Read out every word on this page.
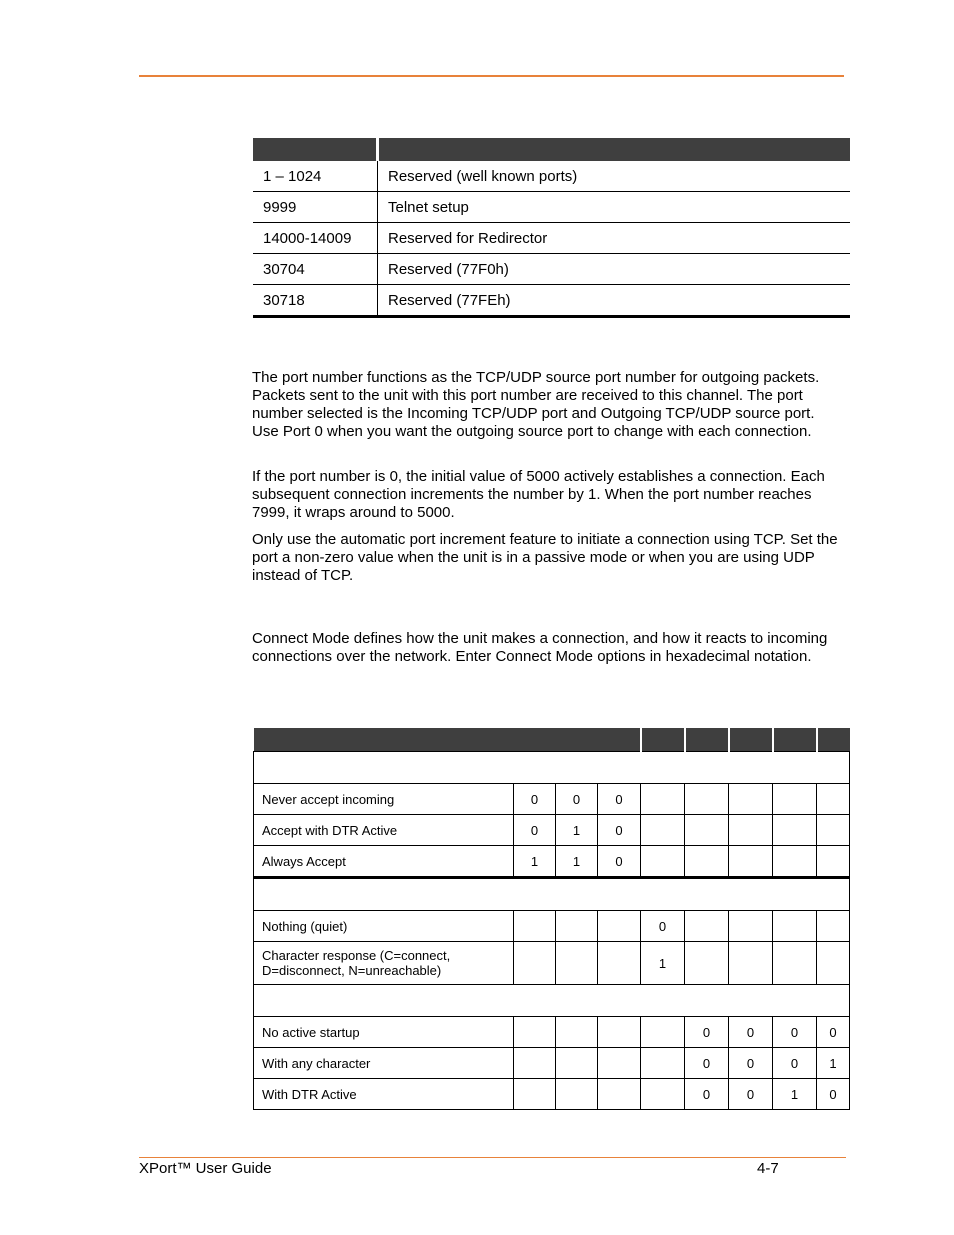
1 – 1024	Reserved (well known ports)
9999	Telnet setup
14000-14009	Reserved for Redirector
30704	Reserved (77F0h)
30718	Reserved (77FEh)

The port number functions as the TCP/UDP source port number for outgoing packets. Packets sent to the unit with this port number are received to this channel. The port number selected is the Incoming TCP/UDP port and Outgoing TCP/UDP source port. Use Port 0 when you want the outgoing source port to change with each connection.

If the port number is 0, the initial value of 5000 actively establishes a connection. Each subsequent connection increments the number by 1. When the port number reaches 7999, it wraps around to 5000.

Only use the automatic port increment feature to initiate a connection using TCP. Set the port a non-zero value when the unit is in a passive mode or when you are using UDP instead of TCP.

Connect Mode defines how the unit makes a connection, and how it reacts to incoming connections over the network. Enter Connect Mode options in hexadecimal notation.

Never accept incoming	0	0	0					
Accept with DTR Active	0	1	0					
Always Accept	1	1	0					

Nothing (quiet)				0				
Character response (C=connect, D=disconnect, N=unreachable)				1				

No active startup					0	0	0	0
With any character					0	0	0	1
With DTR Active					0	0	1	0
XPort™ User Guide	4-7
